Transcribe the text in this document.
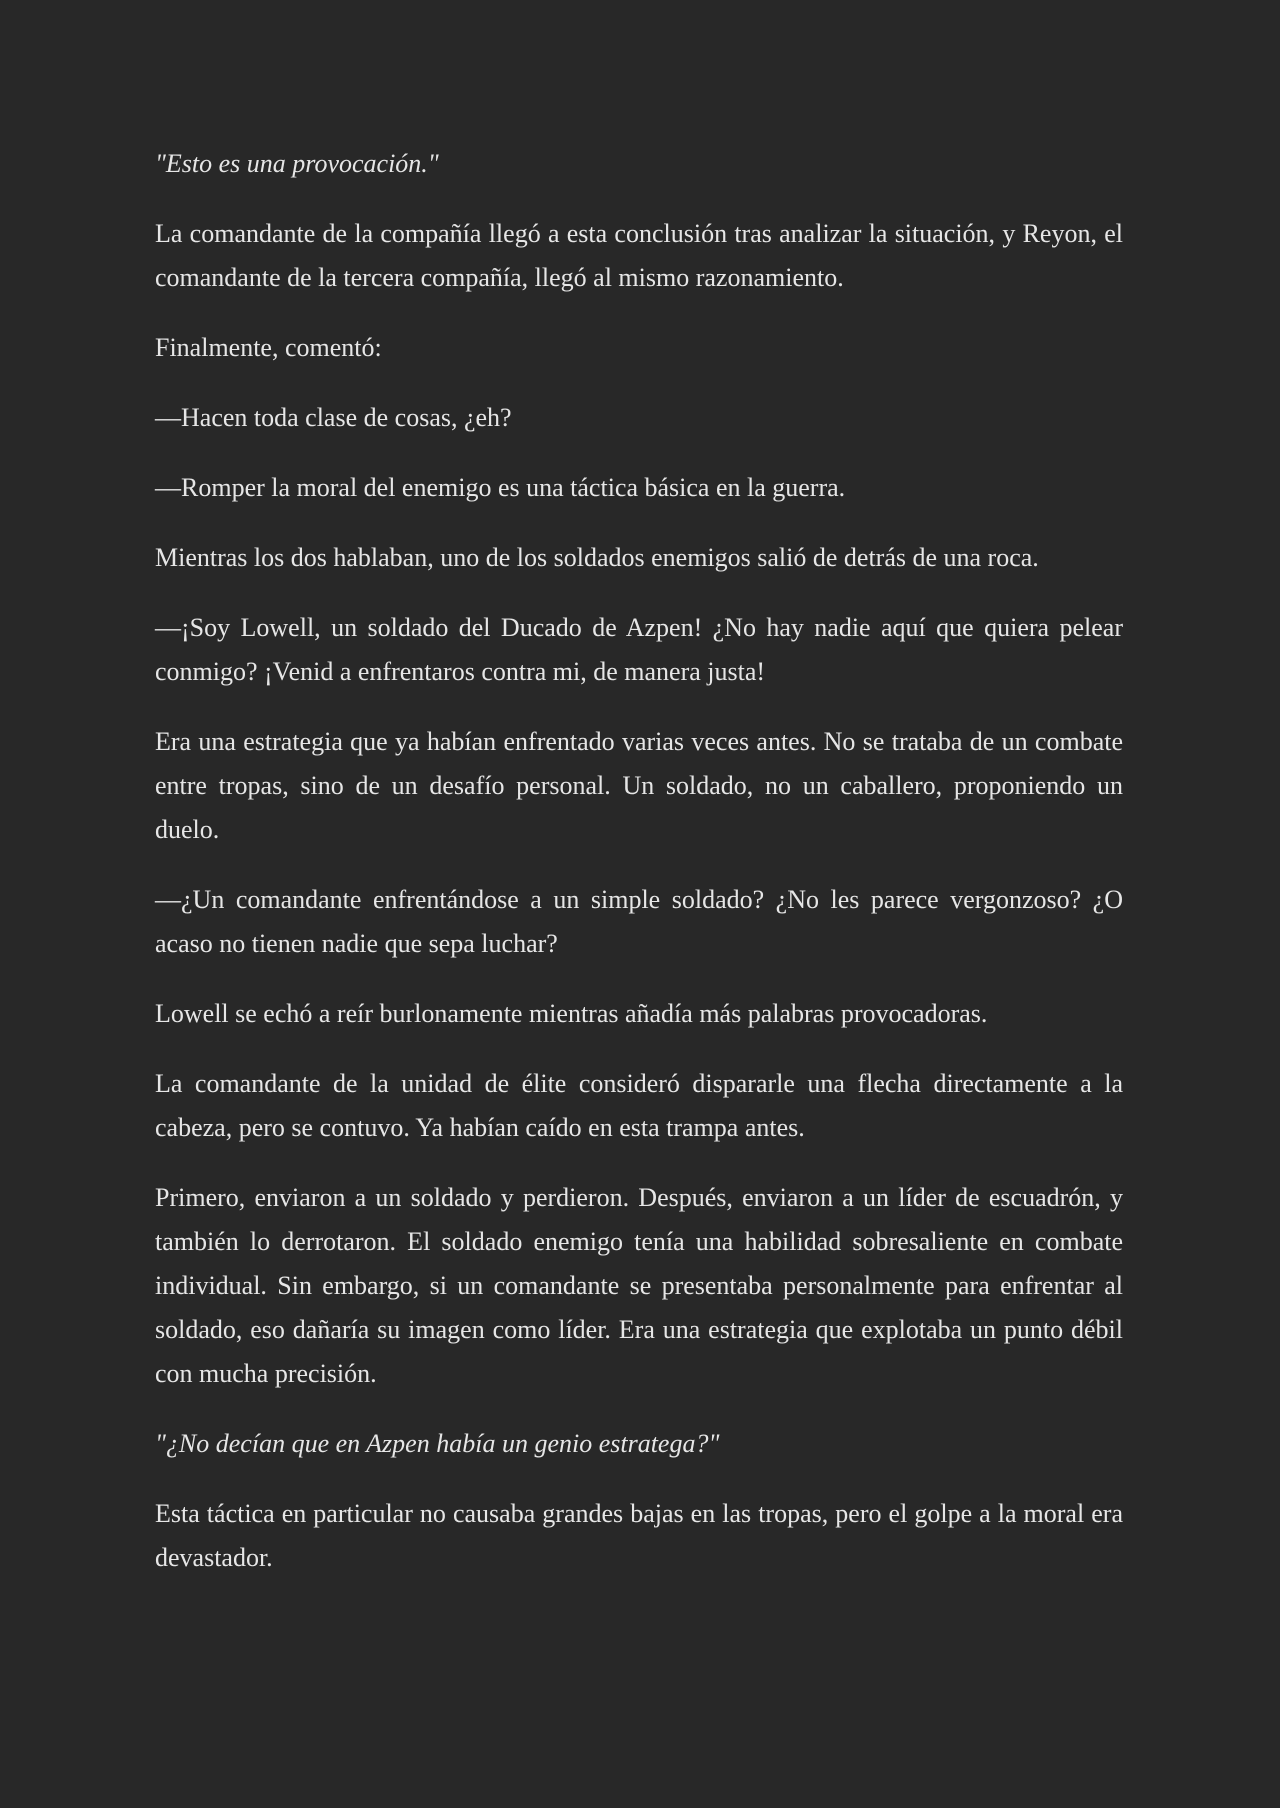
"Esto es una provocación."

La comandante de la compañía llegó a esta conclusión tras analizar la situación, y Reyon, el comandante de la tercera compañía, llegó al mismo razonamiento.

Finalmente, comentó:

—Hacen toda clase de cosas, ¿eh?

—Romper la moral del enemigo es una táctica básica en la guerra.

Mientras los dos hablaban, uno de los soldados enemigos salió de detrás de una roca.

—¡Soy Lowell, un soldado del Ducado de Azpen! ¿No hay nadie aquí que quiera pelear conmigo? ¡Venid a enfrentaros contra mi, de manera justa!

Era una estrategia que ya habían enfrentado varias veces antes. No se trataba de un combate entre tropas, sino de un desafío personal. Un soldado, no un caballero, proponiendo un duelo.

—¿Un comandante enfrentándose a un simple soldado? ¿No les parece vergonzoso? ¿O acaso no tienen nadie que sepa luchar?

Lowell se echó a reír burlonamente mientras añadía más palabras provocadoras.

La comandante de la unidad de élite consideró dispararle una flecha directamente a la cabeza, pero se contuvo. Ya habían caído en esta trampa antes.

Primero, enviaron a un soldado y perdieron. Después, enviaron a un líder de escuadrón, y también lo derrotaron. El soldado enemigo tenía una habilidad sobresaliente en combate individual. Sin embargo, si un comandante se presentaba personalmente para enfrentar al soldado, eso dañaría su imagen como líder. Era una estrategia que explotaba un punto débil con mucha precisión.

"¿No decían que en Azpen había un genio estratega?"

Esta táctica en particular no causaba grandes bajas en las tropas, pero el golpe a la moral era devastador.
